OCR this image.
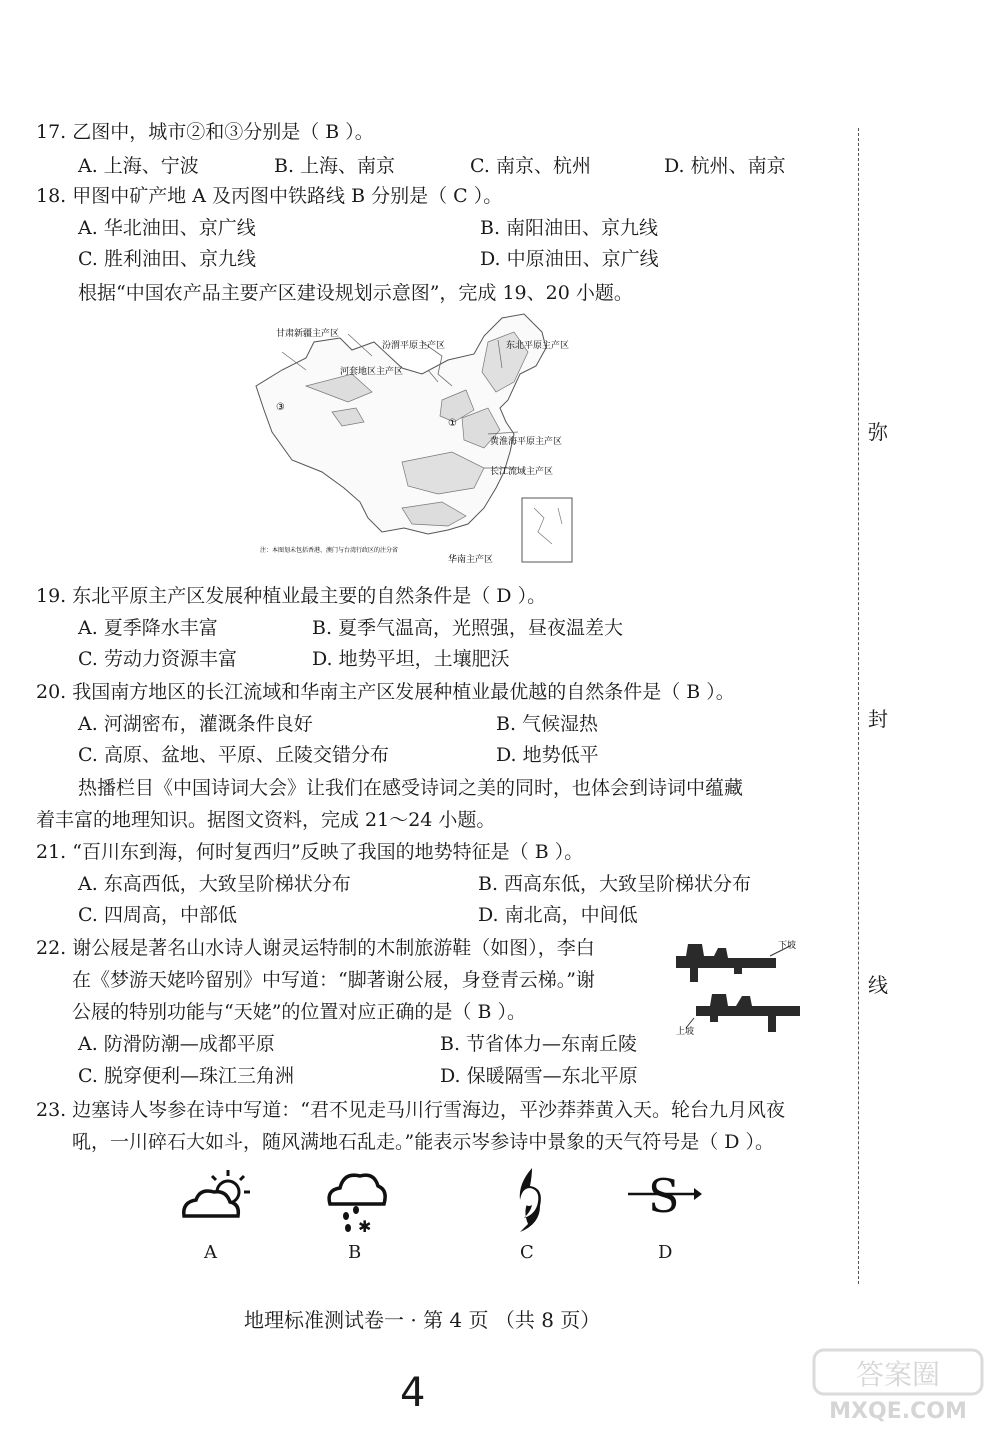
弥
封
线
17. 乙图中，城市②和③分别是（ B ）。
A. 上海、宁波	B. 上海、南京	C. 南京、杭州	D. 杭州、南京
18. 甲图中矿产地 A 及丙图中铁路线 B 分别是（ C ）。
A. 华北油田、京广线	B. 南阳油田、京九线
C. 胜利油田、京九线	D. 中原油田、京广线
根据“中国农产品主要产区建设规划示意图”，完成 19、20 小题。
甘肃新疆主产区
汾渭平原主产区
河套地区主产区
东北平原主产区
黄淮海平原主产区
长江流域主产区
华南主产区
③
①
注：本图划未包括香港、澳门与台湾行政区的注分省
19. 东北平原主产区发展种植业最主要的自然条件是（ D ）。
A. 夏季降水丰富	B. 夏季气温高，光照强，昼夜温差大
C. 劳动力资源丰富	D. 地势平坦，土壤肥沃
20. 我国南方地区的长江流域和华南主产区发展种植业最优越的自然条件是（ B ）。
A. 河湖密布，灌溉条件良好	B. 气候湿热
C. 高原、盆地、平原、丘陵交错分布	D. 地势低平
热播栏目《中国诗词大会》让我们在感受诗词之美的同时，也体会到诗词中蕴藏
着丰富的地理知识。据图文资料，完成 21～24 小题。
21. “百川东到海，何时复西归”反映了我国的地势特征是（ B ）。
A. 东高西低，大致呈阶梯状分布	B. 西高东低，大致呈阶梯状分布
C. 四周高，中部低	D. 南北高，中间低
22. 谢公屐是著名山水诗人谢灵运特制的木制旅游鞋（如图），李白
在《梦游天姥吟留别》中写道：“脚著谢公屐，身登青云梯。”谢
公屐的特别功能与“天姥”的位置对应正确的是（ B ）。
A. 防滑防潮—成都平原	B. 节省体力—东南丘陵
C. 脱穿便利—珠江三角洲	D. 保暖隔雪—东北平原
下坡
上坡
23. 边塞诗人岑参在诗中写道：“君不见走马川行雪海边，平沙莽莽黄入天。轮台九月风夜
吼，一川碎石大如斗，随风满地石乱走。”能表示岑参诗中景象的天气符号是（ D ）。
✱
S
A	B	C	D
地理标准测试卷一 · 第 4 页 （共 8 页）
4	答案圈
MXQE.COM
